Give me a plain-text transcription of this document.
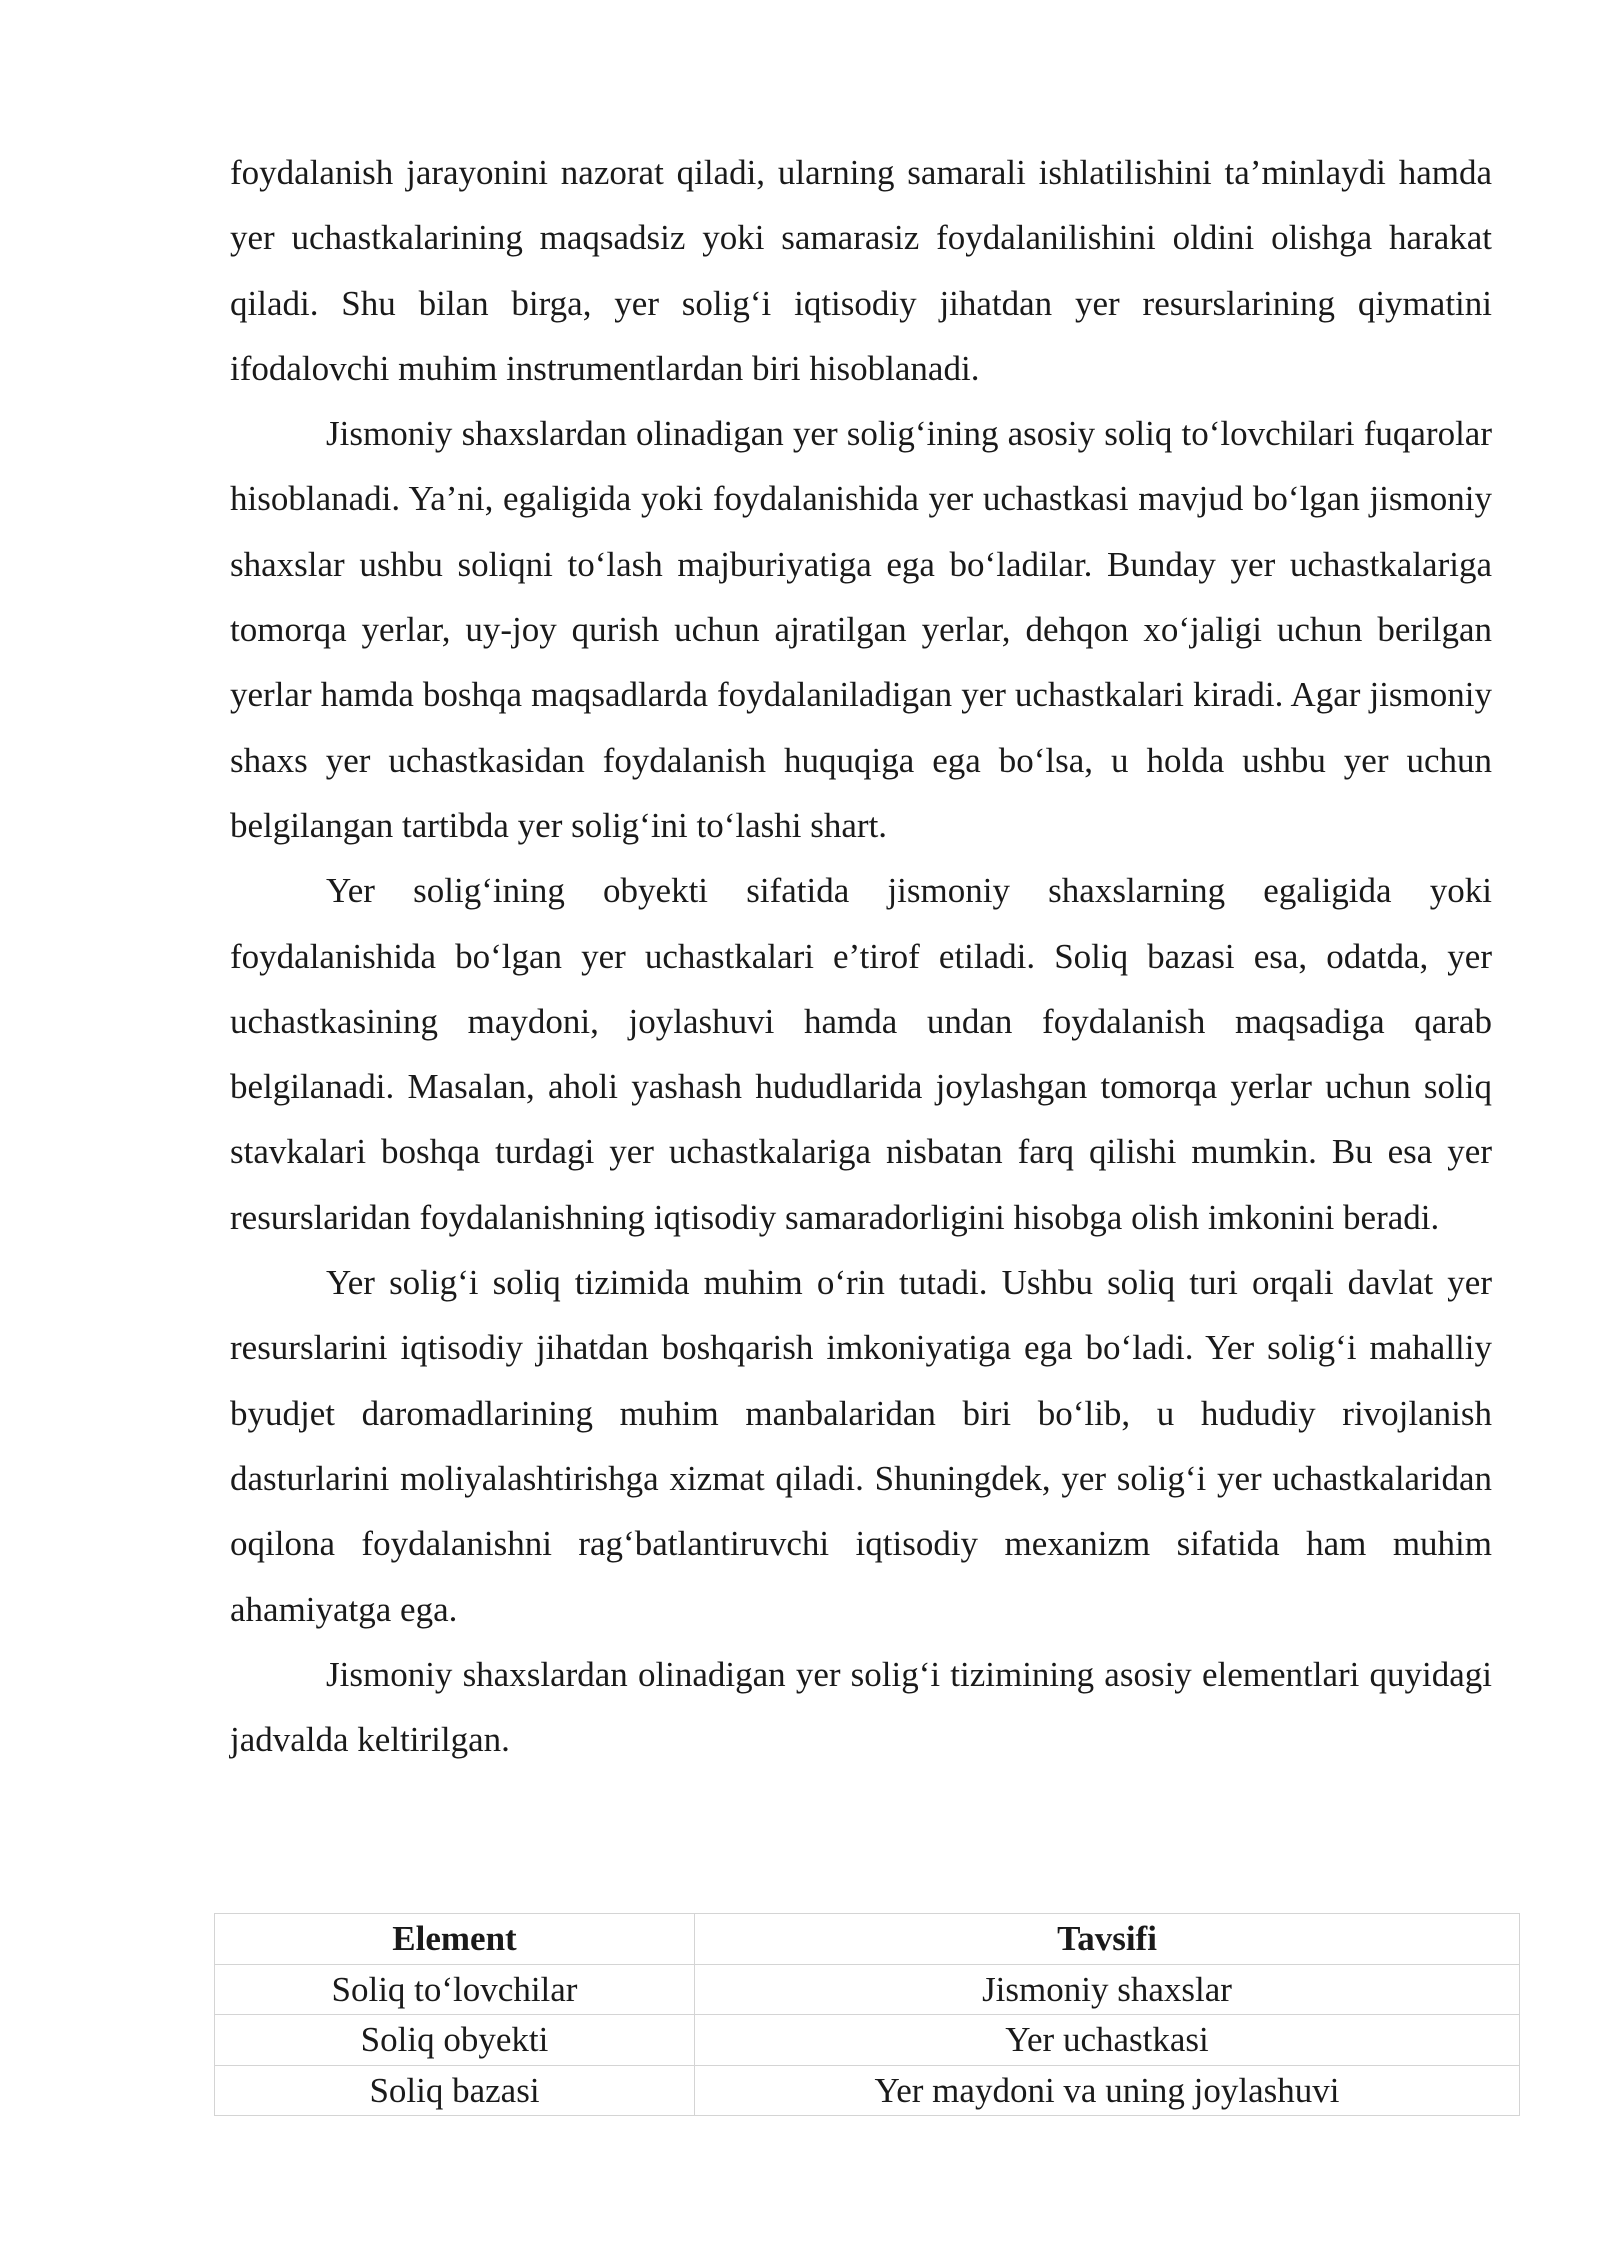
foydalanish jarayonini nazorat qiladi, ularning samarali ishlatilishini ta’minlaydi hamda yer uchastkalarining maqsadsiz yoki samarasiz foydalanilishini oldini olishga harakat qiladi. Shu bilan birga, yer solig‘i iqtisodiy jihatdan yer resurslarining qiymatini ifodalovchi muhim instrumentlardan biri hisoblanadi.

Jismoniy shaxslardan olinadigan yer solig‘ining asosiy soliq to‘lovchilari fuqarolar hisoblanadi. Ya’ni, egaligida yoki foydalanishida yer uchastkasi mavjud bo‘lgan jismoniy shaxslar ushbu soliqni to‘lash majburiyatiga ega bo‘ladilar. Bunday yer uchastkalariga tomorqa yerlar, uy-joy qurish uchun ajratilgan yerlar, dehqon xo‘jaligi uchun berilgan yerlar hamda boshqa maqsadlarda foydalaniladigan yer uchastkalari kiradi. Agar jismoniy shaxs yer uchastkasidan foydalanish huquqiga ega bo‘lsa, u holda ushbu yer uchun belgilangan tartibda yer solig‘ini to‘lashi shart.

Yer solig‘ining obyekti sifatida jismoniy shaxslarning egaligida yoki foydalanishida bo‘lgan yer uchastkalari e’tirof etiladi. Soliq bazasi esa, odatda, yer uchastkasining maydoni, joylashuvi hamda undan foydalanish maqsadiga qarab belgilanadi. Masalan, aholi yashash hududlarida joylashgan tomorqa yerlar uchun soliq stavkalari boshqa turdagi yer uchastkalariga nisbatan farq qilishi mumkin. Bu esa yer resurslaridan foydalanishning iqtisodiy samaradorligini hisobga olish imkonini beradi.

Yer solig‘i soliq tizimida muhim o‘rin tutadi. Ushbu soliq turi orqali davlat yer resurslarini iqtisodiy jihatdan boshqarish imkoniyatiga ega bo‘ladi. Yer solig‘i mahalliy byudjet daromadlarining muhim manbalaridan biri bo‘lib, u hududiy rivojlanish dasturlarini moliyalashtirishga xizmat qiladi. Shuningdek, yer solig‘i yer uchastkalaridan oqilona foydalanishni rag‘batlantiruvchi iqtisodiy mexanizm sifatida ham muhim ahamiyatga ega.

Jismoniy shaxslardan olinadigan yer solig‘i tizimining asosiy elementlari quyidagi jadvalda keltirilgan.

Element	Tavsifi
Soliq to‘lovchilar	Jismoniy shaxslar
Soliq obyekti	Yer uchastkasi
Soliq bazasi	Yer maydoni va uning joylashuvi
